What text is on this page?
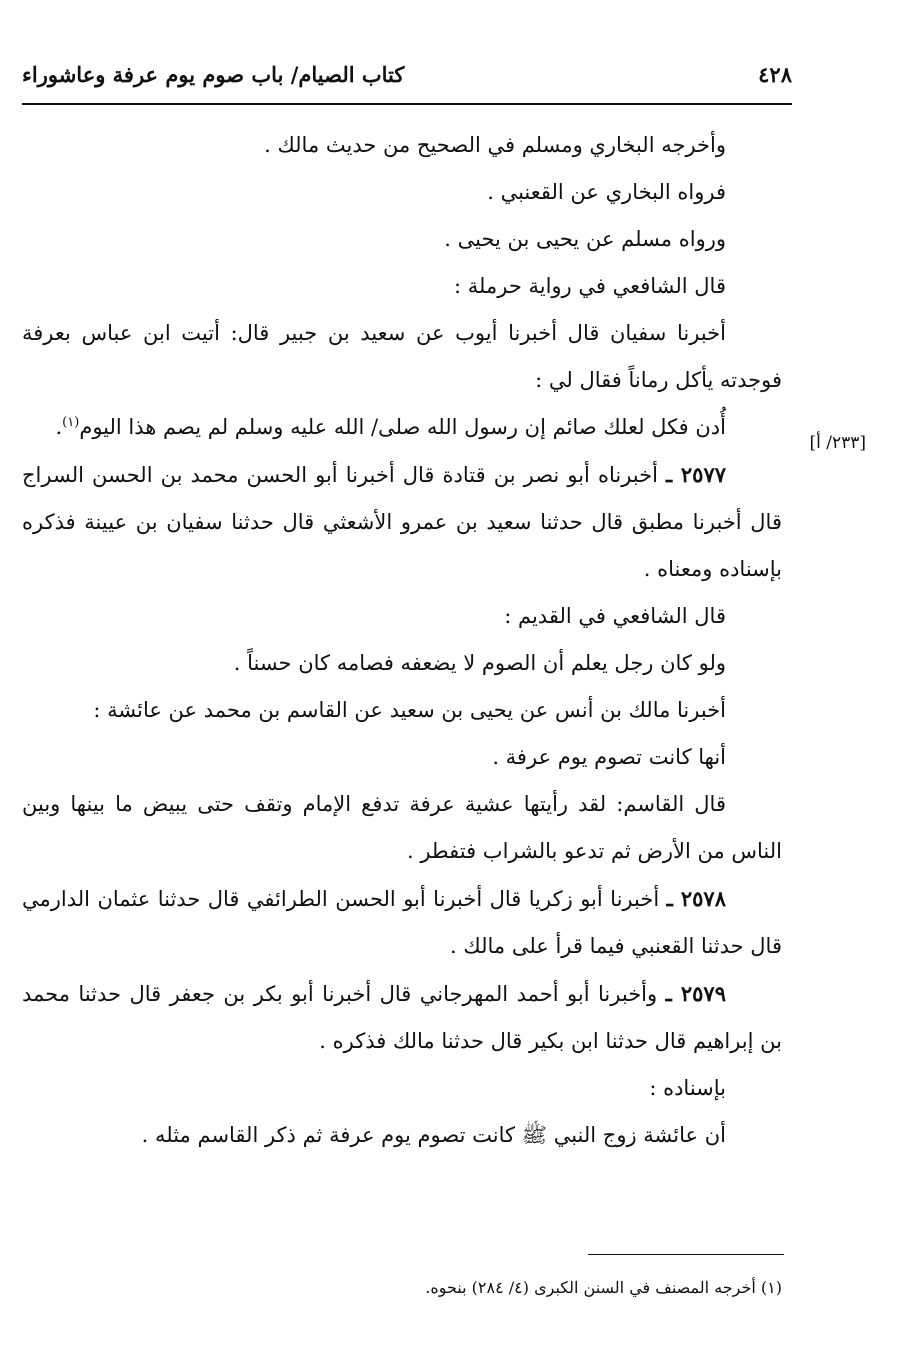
٤٢٨
كتاب الصيام/ باب صوم يوم عرفة وعاشوراء
[٢٣٣/ أ]

وأخرجه البخاري ومسلم في الصحيح من حديث مالك .

فرواه البخاري عن القعنبي .

ورواه مسلم عن يحيى بن يحيى .

قال الشافعي في رواية حرملة :

أخبرنا سفيان قال أخبرنا أيوب عن سعيد بن جبير قال: أتيت ابن عباس بعرفة فوجدته يأكل رماناً فقال لي :

أُدن فكل لعلك صائم إن رسول الله صلى/ الله عليه وسلم لم يصم هذا اليوم$^{(١)}$.

٢٥٧٧ ـ أخبرناه أبو نصر بن قتادة قال أخبرنا أبو الحسن محمد بن الحسن السراج قال أخبرنا مطبق قال حدثنا سعيد بن عمرو الأشعثي قال حدثنا سفيان بن عيينة فذكره بإسناده ومعناه .

قال الشافعي في القديم :

ولو كان رجل يعلم أن الصوم لا يضعفه فصامه كان حسناً .

أخبرنا مالك بن أنس عن يحيى بن سعيد عن القاسم بن محمد عن عائشة :

أنها كانت تصوم يوم عرفة .

قال القاسم: لقد رأيتها عشية عرفة تدفع الإمام وتقف حتى يبيض ما بينها وبين الناس من الأرض ثم تدعو بالشراب فتفطر .

٢٥٧٨ ـ أخبرنا أبو زكريا قال أخبرنا أبو الحسن الطرائفي قال حدثنا عثمان الدارمي قال حدثنا القعنبي فيما قرأ على مالك .

٢٥٧٩ ـ وأخبرنا أبو أحمد المهرجاني قال أخبرنا أبو بكر بن جعفر قال حدثنا محمد بن إبراهيم قال حدثنا ابن بكير قال حدثنا مالك فذكره .

بإسناده :

أن عائشة زوج النبي ﷺ كانت تصوم يوم عرفة ثم ذكر القاسم مثله .

(١) أخرجه المصنف في السنن الكبرى (٤/ ٢٨٤) بنحوه.
